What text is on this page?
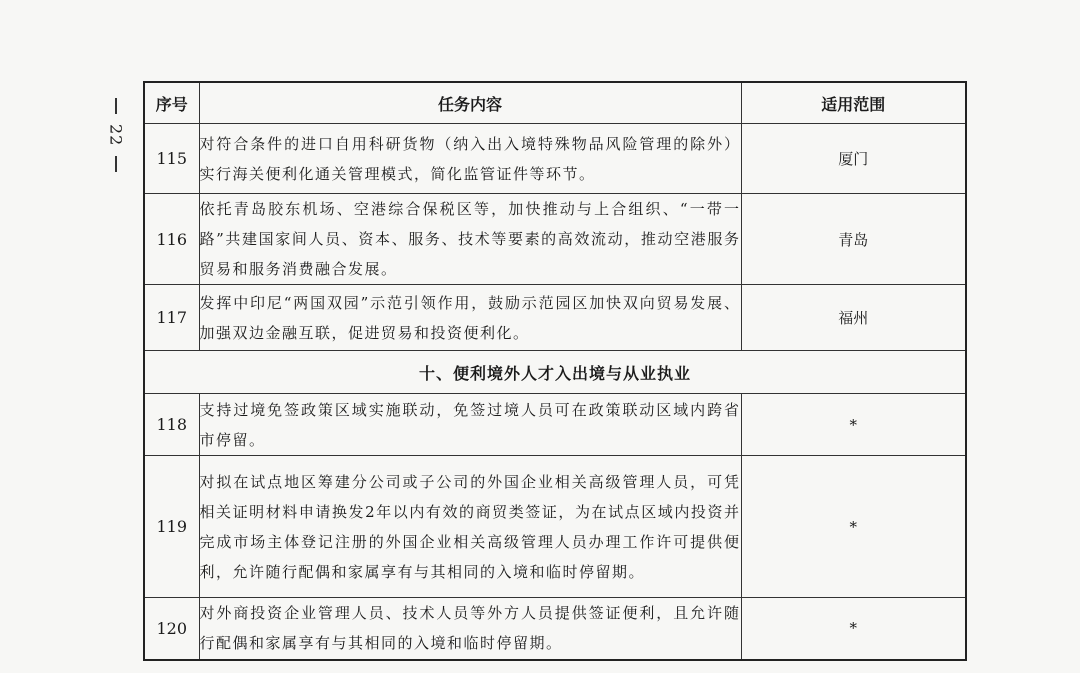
22
序号	任务内容	适用范围
115	对符合条件的进口自用科研货物（纳入出入境特殊物品风险管理的除外）实行海关便利化通关管理模式，简化监管证件等环节。	厦门
116	依托青岛胶东机场、空港综合保税区等，加快推动与上合组织、“一带一路”共建国家间人员、资本、服务、技术等要素的高效流动，推动空港服务贸易和服务消费融合发展。	青岛
117	发挥中印尼“两国双园”示范引领作用，鼓励示范园区加快双向贸易发展、加强双边金融互联，促进贸易和投资便利化。	福州
十、便利境外人才入出境与从业执业		
118	支持过境免签政策区域实施联动，免签过境人员可在政策联动区域内跨省市停留。	*
119	对拟在试点地区筹建分公司或子公司的外国企业相关高级管理人员，可凭相关证明材料申请换发2年以内有效的商贸类签证，为在试点区域内投资并完成市场主体登记注册的外国企业相关高级管理人员办理工作许可提供便利，允许随行配偶和家属享有与其相同的入境和临时停留期。	*
120	对外商投资企业管理人员、技术人员等外方人员提供签证便利，且允许随行配偶和家属享有与其相同的入境和临时停留期。	*
